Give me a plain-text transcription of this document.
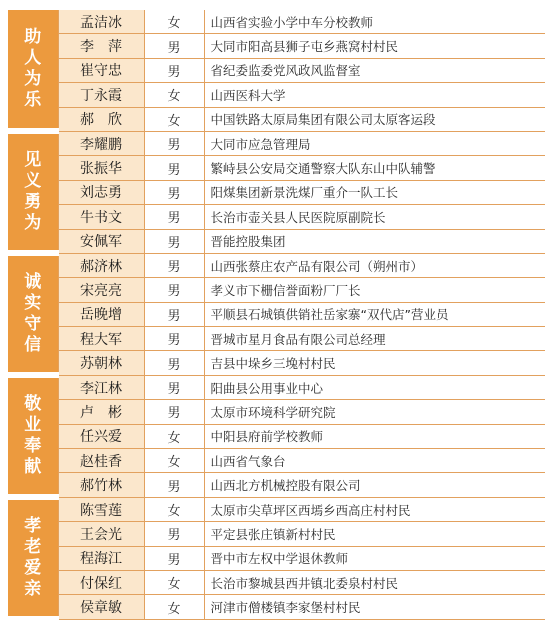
助人为乐	孟洁冰	女	山西省实验小学中车分校教师
	李　萍	男	大同市阳高县狮子屯乡燕窝村村民
	崔守忠	男	省纪委监委党风政风监督室
	丁永霞	女	山西医科大学
	郝　欣	女	中国铁路太原局集团有限公司太原客运段

见义勇为	李耀鹏	男	大同市应急管理局
	张振华	男	繁峙县公安局交通警察大队东山中队辅警
	刘志勇	男	阳煤集团新景洗煤厂重介一队工长
	牛书文	男	长治市壶关县人民医院原副院长
	安佩军	男	晋能控股集团

诚实守信	郝济林	男	山西张蔡庄农产品有限公司（朔州市）
	宋亮亮	男	孝义市下栅信誉面粉厂厂长
	岳晚增	男	平顺县石城镇供销社岳家寨“双代店”营业员
	程大军	男	晋城市星月食品有限公司总经理
	苏朝林	男	吉县中垛乡三堍村村民

敬业奉献	李江林	男	阳曲县公用事业中心
	卢　彬	男	太原市环境科学研究院
	任兴爱	女	中阳县府前学校教师
	赵桂香	女	山西省气象台
	郝竹林	男	山西北方机械控股有限公司

孝老爱亲	陈雪莲	女	太原市尖草坪区西墕乡西高庄村村民
	王会光	男	平定县张庄镇新村村民
	程海江	男	晋中市左权中学退休教师
	付保红	女	长治市黎城县西井镇北委泉村村民
	侯章敏	女	河津市僧楼镇李家堡村村民
